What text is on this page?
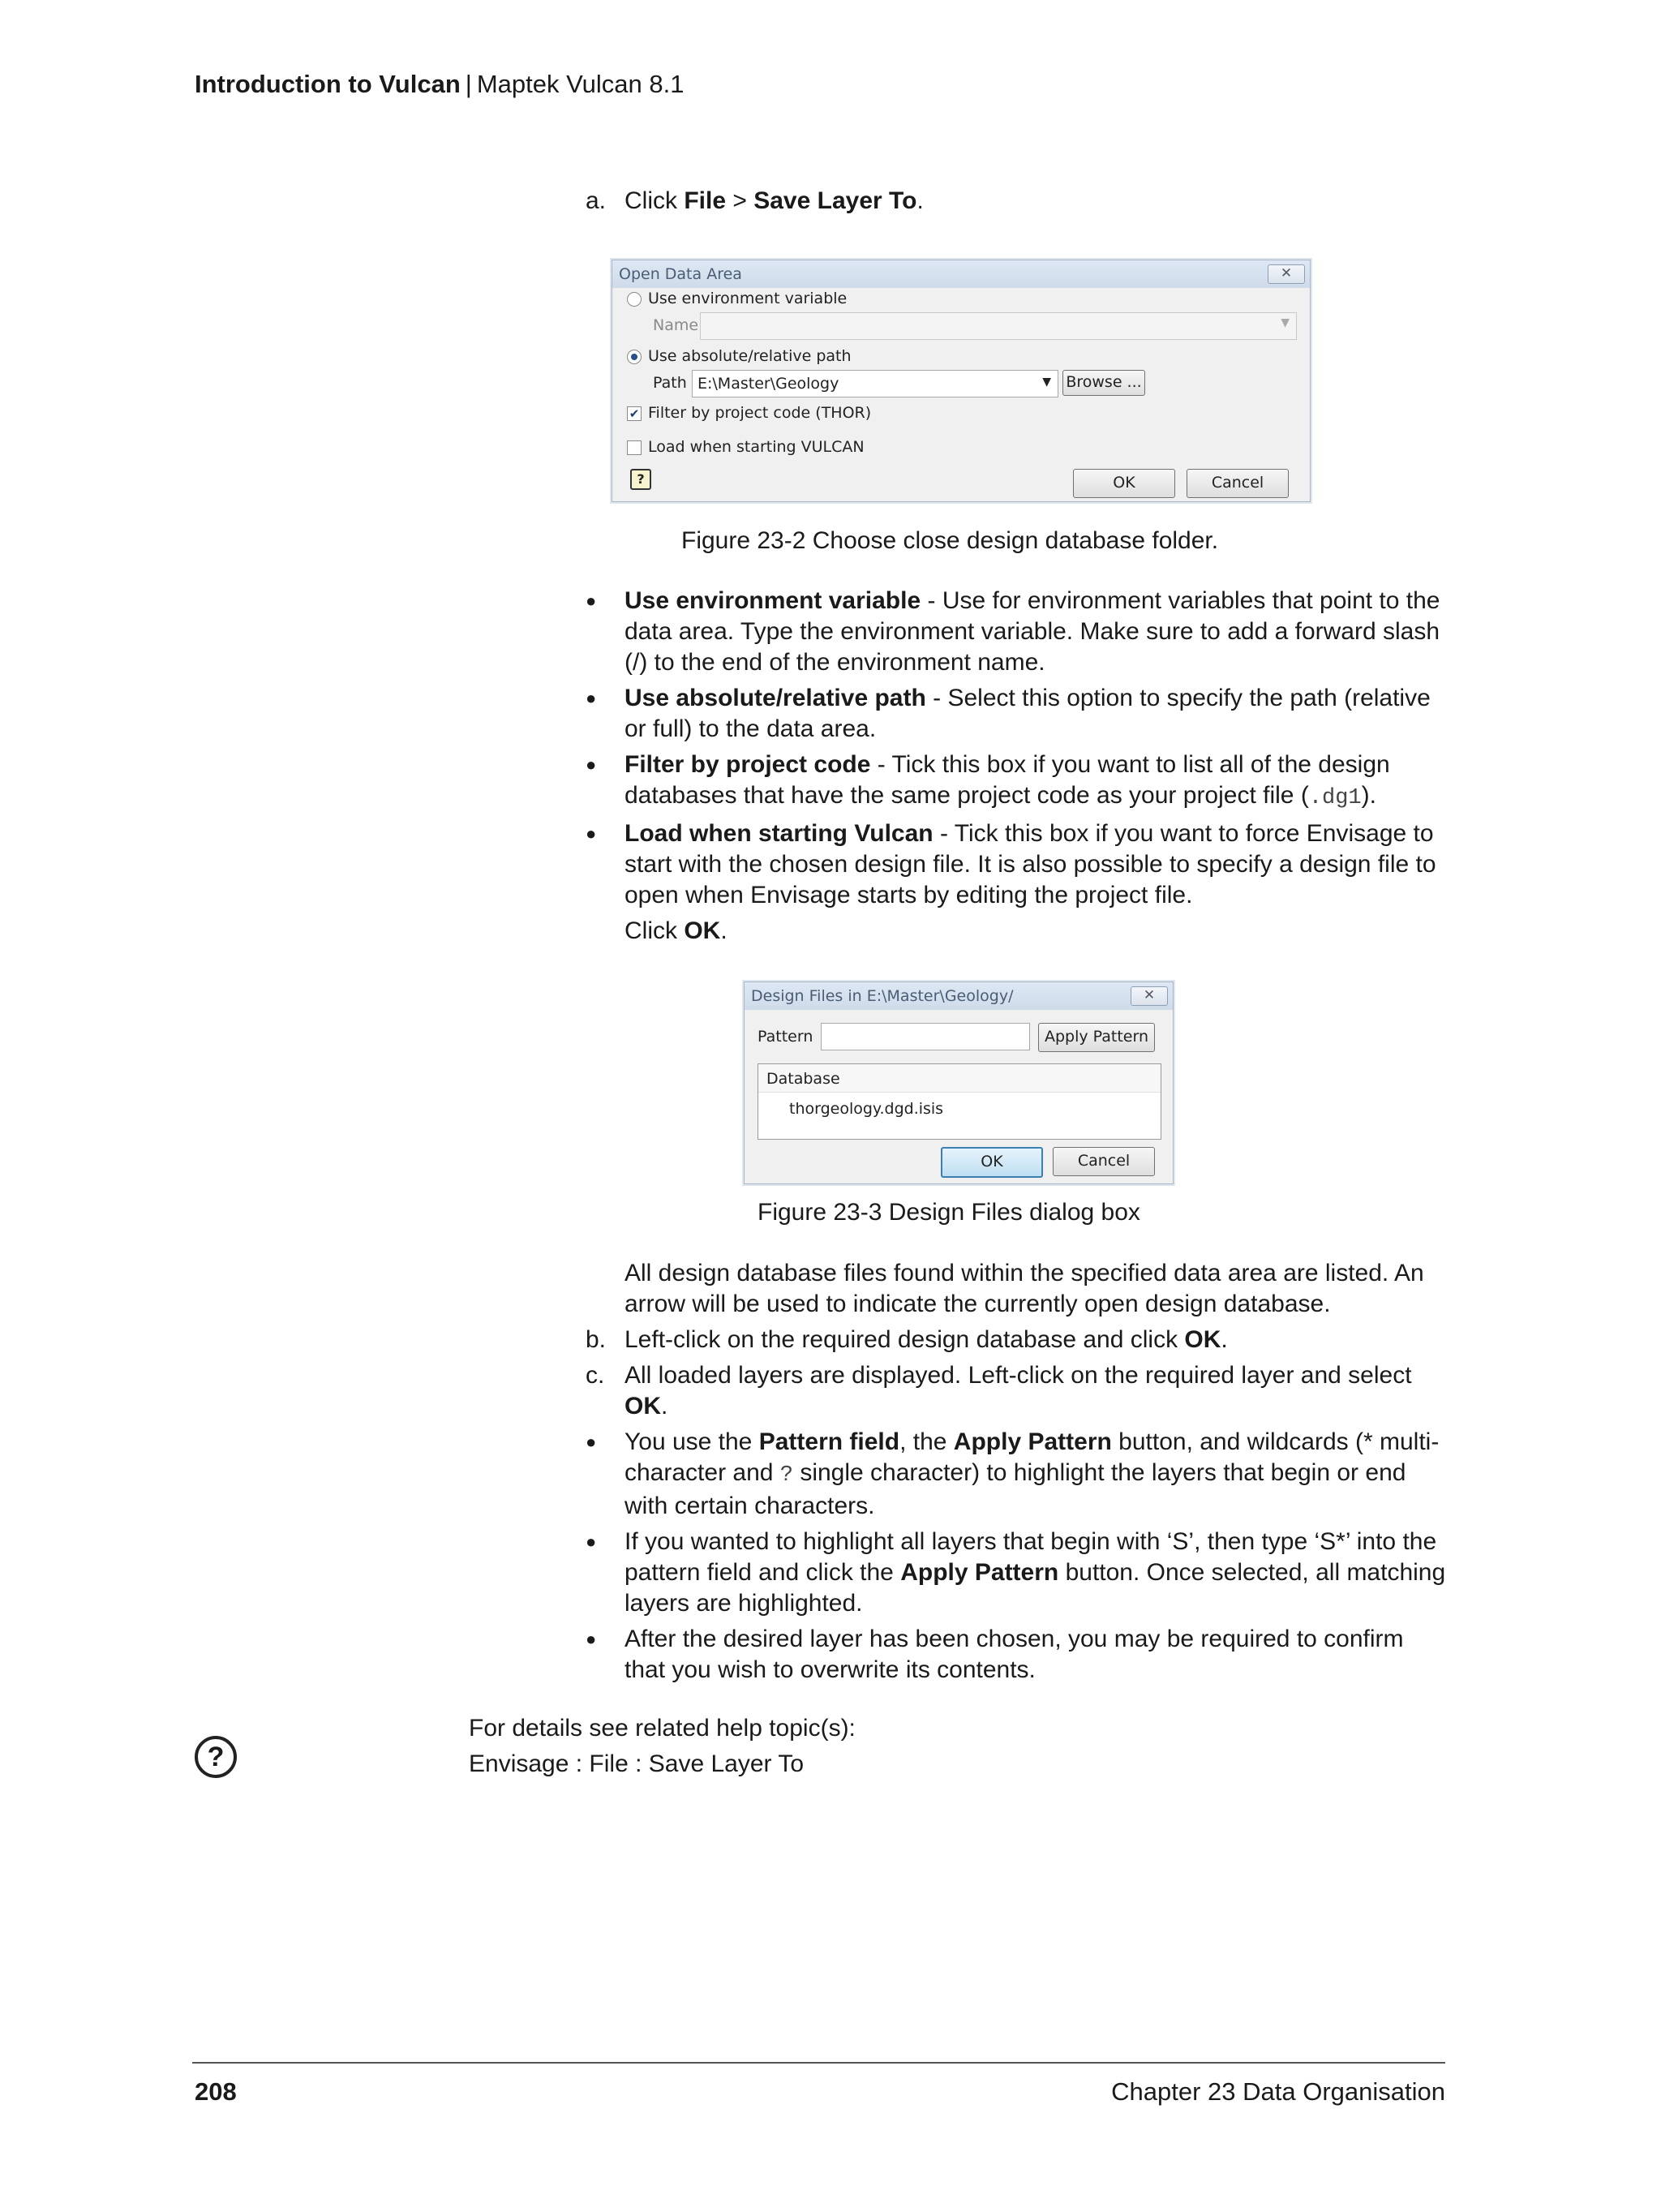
Introduction to Vulcan | Maptek Vulcan 8.1
a. Click File > Save Layer To.
Open Data Area	✕
Use environment variable
Name	▼
Use absolute/relative path
Path E:\Master\Geology	▼ Browse ...
✔ Filter by project code (THOR)
Load when starting VULCAN
?	OK	Cancel
Figure 23-2 Choose close design database folder.
● Use environment variable - Use for environment variables that point to the data area. Type the environment variable. Make sure to add a forward slash (/) to the end of the environment name.
● Use absolute/relative path - Select this option to specify the path (relative or full) to the data area.
● Filter by project code - Tick this box if you want to list all of the design databases that have the same project code as your project file (.dg1).
● Load when starting Vulcan - Tick this box if you want to force Envisage to start with the chosen design file. It is also possible to specify a design file to open when Envisage starts by editing the project file.
Click OK.
Design Files in E:\Master\Geology/	✕
Pattern	Apply Pattern
Database
thorgeology.dgd.isis
OK	Cancel
Figure 23-3 Design Files dialog box
All design database files found within the specified data area are listed. An arrow will be used to indicate the currently open design database.
b. Left-click on the required design database and click OK.
c. All loaded layers are displayed. Left-click on the required layer and select OK.
● You use the Pattern field, the Apply Pattern button, and wildcards (* multi-character and ? single character) to highlight the layers that begin or end with certain characters.
● If you wanted to highlight all layers that begin with ‘S’, then type ‘S*’ into the pattern field and click the Apply Pattern button. Once selected, all matching layers are highlighted.
● After the desired layer has been chosen, you may be required to confirm that you wish to overwrite its contents.
?
For details see related help topic(s):
Envisage : File : Save Layer To
208	Chapter 23 Data Organisation
